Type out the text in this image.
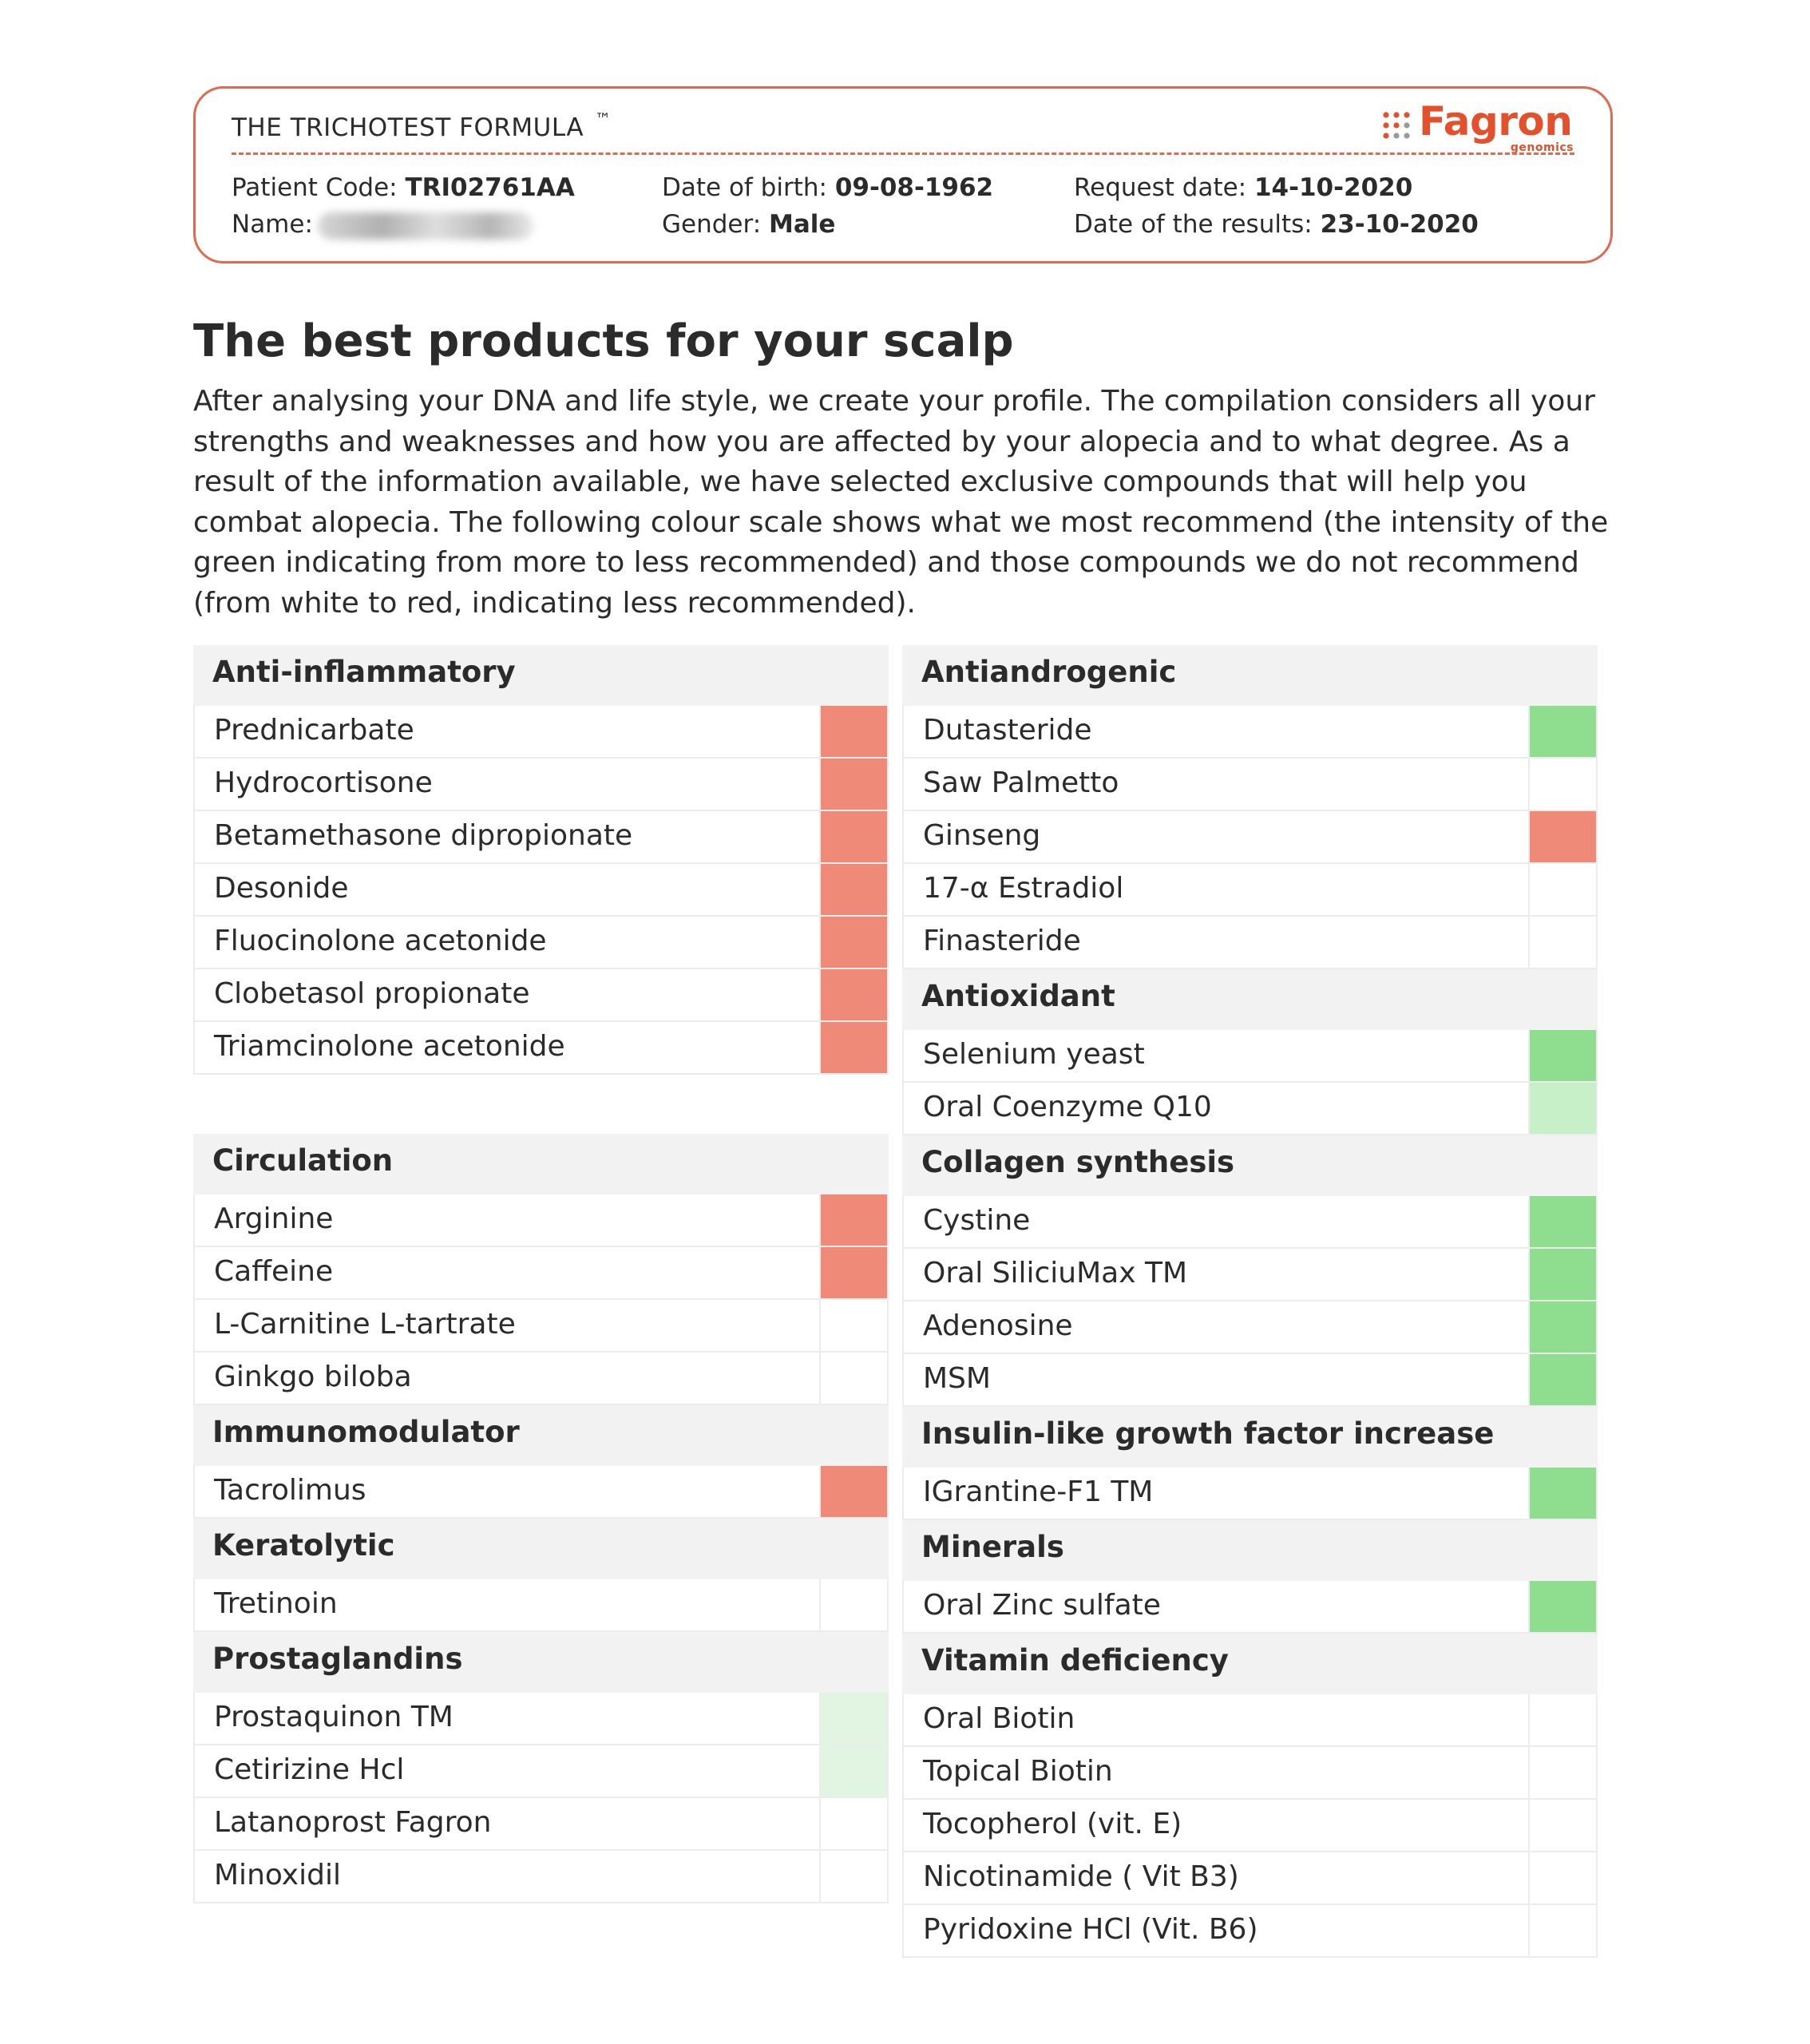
THE TRICHOTEST FORMULA ™	Fagron
genomics
Patient Code: TRI02761AA
Name:
Date of birth: 09-08-1962
Gender: Male
Request date: 14-10-2020
Date of the results: 23-10-2020
The best products for your scalp

After analysing your DNA and life style, we create your profile. The compilation considers all your strengths and weaknesses and how you are affected by your alopecia and to what degree. As a result of the information available, we have selected exclusive compounds that will help you combat alopecia. The following colour scale shows what we most recommend (the intensity of the green indicating from more to less recommended) and those compounds we do not recommend (from white to red, indicating less recommended).

Anti-inflammatory
Prednicarbate
Hydrocortisone
Betamethasone dipropionate
Desonide
Fluocinolone acetonide
Clobetasol propionate
Triamcinolone acetonide
Circulation
Arginine
Caffeine
L-Carnitine L-tartrate
Ginkgo biloba
Immunomodulator
Tacrolimus
Keratolytic
Tretinoin
Prostaglandins
Prostaquinon TM
Cetirizine Hcl
Latanoprost Fagron
Minoxidil
Antiandrogenic
Dutasteride
Saw Palmetto
Ginseng
17-α Estradiol
Finasteride
Antioxidant
Selenium yeast
Oral Coenzyme Q10
Collagen synthesis
Cystine
Oral SiliciuMax TM
Adenosine
MSM
Insulin-like growth factor increase
IGrantine-F1 TM
Minerals
Oral Zinc sulfate
Vitamin deficiency
Oral Biotin
Topical Biotin
Tocopherol (vit. E)
Nicotinamide ( Vit B3)
Pyridoxine HCl (Vit. B6)
